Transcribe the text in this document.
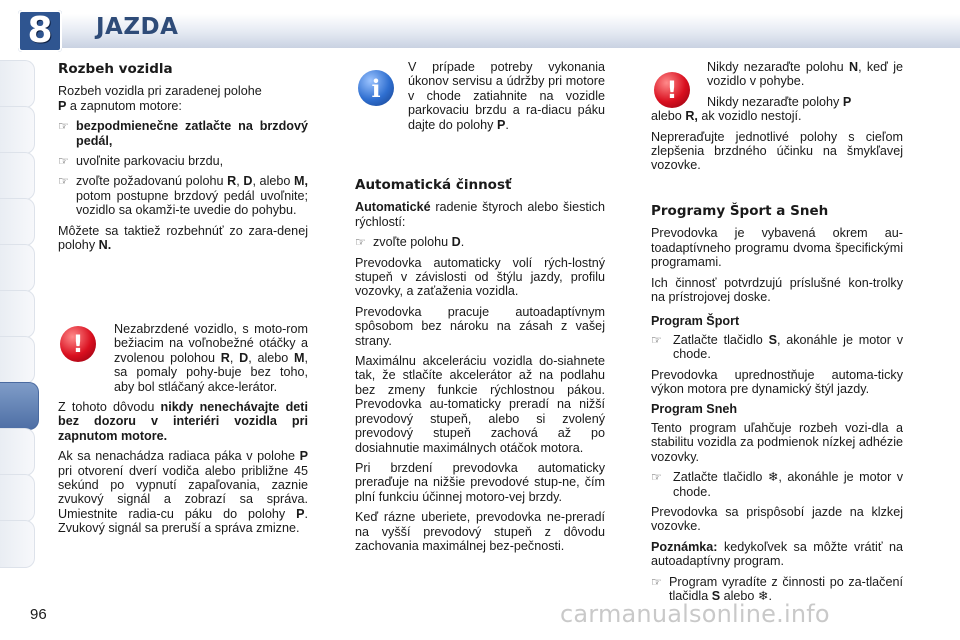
8 JAZDA
Rozbeh vozidla

Rozbeh vozidla pri zaradenej polohe
P a zapnutom motore:

☞ bezpodmienečne zatlačte na brzdový pedál,
☞ uvoľnite parkovaciu brzdu,
☞ zvoľte požadovanú polohu R, D, alebo M, potom postupne brzdový pedál uvoľnite; vozidlo sa okamži-te uvedie do pohybu.

Môžete sa taktiež rozbehnúť zo zara-denej polohy N.

!

Nezabrzdené vozidlo, s moto-rom bežiacim na voľnobežné otáčky a zvolenou polohou R, D, alebo M, sa pomaly pohy-buje bez toho, aby bol stláčaný akce-lerátor.

Z tohoto dôvodu nikdy nenechávajte deti bez dozoru v interiéri vozidla pri zapnutom motore.

Ak sa nenachádza radiaca páka v polohe P pri otvorení dverí vodiča alebo približne 45 sekúnd po vypnutí zapaľovania, zaznie zvukový signál a zobrazí sa správa. Umiestnite radia-cu páku do polohy P. Zvukový signál sa preruší a správa zmizne.

i

V prípade potreby vykonania úkonov servisu a údržby pri motore v chode zatiahnite na vozidle parkovaciu brzdu a ra-diacu páku dajte do polohy P.

Automatická činnosť

Automatické radenie štyroch alebo šiestich rýchlostí:

☞ zvoľte polohu D.

Prevodovka automaticky volí rých-lostný stupeň v závislosti od štýlu jazdy, profilu vozovky, a zaťaženia vozidla.

Prevodovka pracuje autoadaptívnym spôsobom bez nároku na zásah z vašej strany.

Maximálnu akceleráciu vozidla do-siahnete tak, že stlačíte akcelerátor až na podlahu bez zmeny funkcie rýchlostnou pákou. Prevodovka au-tomaticky preradí na nižší prevodový stupeň, alebo si zvolený prevodový stupeň zachová až po dosiahnutie maximálnych otáčok motora.

Pri brzdení prevodovka automaticky preraďuje na nižšie prevodové stup-ne, čím plní funkciu účinnej motoro-vej brzdy.

Keď rázne uberiete, prevodovka ne-preradí na vyšší prevodový stupeň z dôvodu zachovania maximálnej bez-pečnosti.

!

Nikdy nezaraďte polohu N, keď je vozidlo v pohybe.

Nikdy nezaraďte polohy P

alebo R, ak vozidlo nestojí.

Nepreraďujte jednotlivé polohy s cieľom zlepšenia brzdného účinku na šmykľavej vozovke.

Programy Šport a Sneh

Prevodovka je vybavená okrem au-toadaptívneho programu dvoma špecifickými programami.

Ich činnosť potvrdzujú príslušné kon-trolky na prístrojovej doske.

Program Šport
☞ Zatlačte tlačidlo S, akonáhle je motor v chode.

Prevodovka uprednostňuje automa-ticky výkon motora pre dynamický štýl jazdy.

Program Sneh

Tento program uľahčuje rozbeh vozi-dla a stabilitu vozidla za podmienok nízkej adhézie vozovky.

☞ Zatlačte tlačidlo ❄, akonáhle je motor v chode.

Prevodovka sa prispôsobí jazde na klzkej vozovke.

Poznámka: kedykoľvek sa môžte vrátiť na autoadaptívny program.

☞ Program vyradíte z činnosti po za-tlačení tlačidla S alebo ❄.
96	carmanualsonline.info
